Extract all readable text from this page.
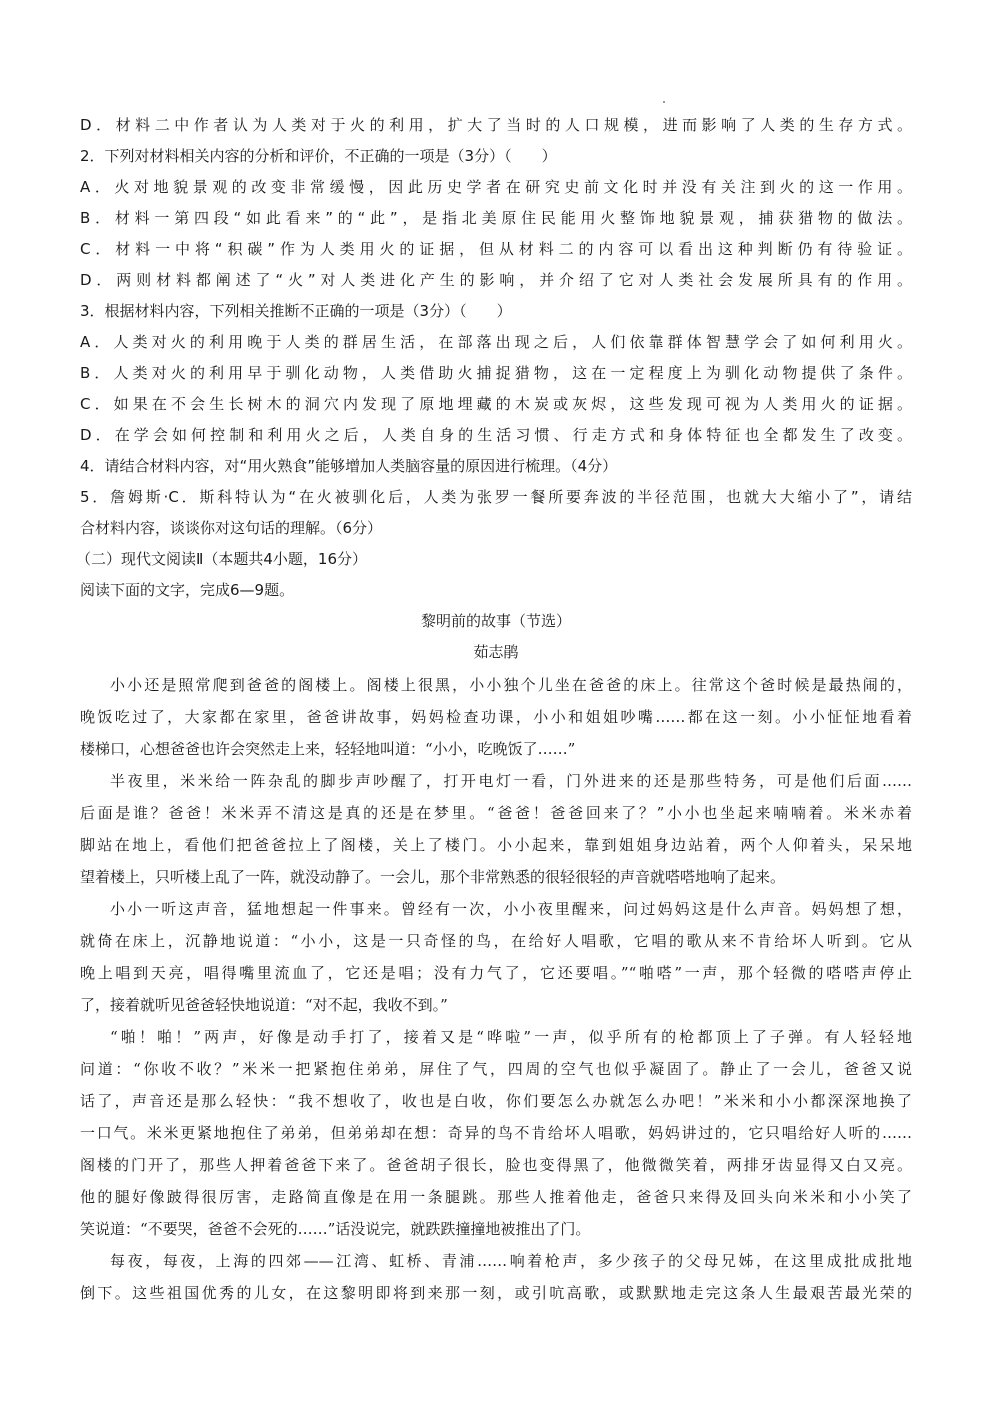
D．材料二中作者认为人类对于火的利用，扩大了当时的人口规模，进而影响了人类的生存方式。
2．下列对材料相关内容的分析和评价，不正确的一项是（3分）（　　）
A．火对地貌景观的改变非常缓慢，因此历史学者在研究史前文化时并没有关注到火的这一作用。
B．材料一第四段“如此看来”的“此”，是指北美原住民能用火整饰地貌景观，捕获猎物的做法。
C．材料一中将“积碳”作为人类用火的证据，但从材料二的内容可以看出这种判断仍有待验证。
D．两则材料都阐述了“火”对人类进化产生的影响，并介绍了它对人类社会发展所具有的作用。
3．根据材料内容，下列相关推断不正确的一项是（3分）（　　）
A．人类对火的利用晚于人类的群居生活，在部落出现之后，人们依靠群体智慧学会了如何利用火。
B．人类对火的利用早于驯化动物，人类借助火捕捉猎物，这在一定程度上为驯化动物提供了条件。
C．如果在不会生长树木的洞穴内发现了原地埋藏的木炭或灰烬，这些发现可视为人类用火的证据。
D．在学会如何控制和利用火之后，人类自身的生活习惯、行走方式和身体特征也全都发生了改变。
4．请结合材料内容，对“用火熟食”能够增加人类脑容量的原因进行梳理。（4分）
5．詹姆斯·C．斯科特认为“在火被驯化后，人类为张罗一餐所要奔波的半径范围，也就大大缩小了”，请结
合材料内容，谈谈你对这句话的理解。（6分）
（二）现代文阅读Ⅱ（本题共4小题，16分）
阅读下面的文字，完成6—9题。
黎明前的故事（节选）
茹志鹃
小小还是照常爬到爸爸的阁楼上。阁楼上很黑，小小独个儿坐在爸爸的床上。往常这个爸时候是最热闹的，
晚饭吃过了，大家都在家里，爸爸讲故事，妈妈检查功课，小小和姐姐吵嘴……都在这一刻。小小怔怔地看着
楼梯口，心想爸爸也许会突然走上来，轻轻地叫道：“小小，吃晚饭了……”
半夜里，米米给一阵杂乱的脚步声吵醒了，打开电灯一看，门外进来的还是那些特务，可是他们后面……
后面是谁？爸爸！米米弄不清这是真的还是在梦里。“爸爸！爸爸回来了？”小小也坐起来喃喃着。米米赤着
脚站在地上，看他们把爸爸拉上了阁楼，关上了楼门。小小起来，靠到姐姐身边站着，两个人仰着头，呆呆地
望着楼上，只听楼上乱了一阵，就没动静了。一会儿，那个非常熟悉的很轻很轻的声音就嗒嗒地响了起来。
小小一听这声音，猛地想起一件事来。曾经有一次，小小夜里醒来，问过妈妈这是什么声音。妈妈想了想，
就倚在床上，沉静地说道：“小小，这是一只奇怪的鸟，在给好人唱歌，它唱的歌从来不肯给坏人听到。它从
晚上唱到天亮，唱得嘴里流血了，它还是唱；没有力气了，它还要唱。”“啪嗒”一声，那个轻微的嗒嗒声停止
了，接着就听见爸爸轻快地说道：“对不起，我收不到。”
“啪！啪！”两声，好像是动手打了，接着又是“哗啦”一声，似乎所有的枪都顶上了子弹。有人轻轻地
问道：“你收不收？”米米一把紧抱住弟弟，屏住了气，四周的空气也似乎凝固了。静止了一会儿，爸爸又说
话了，声音还是那么轻快：“我不想收了，收也是白收，你们要怎么办就怎么办吧！”米米和小小都深深地换了
一口气。米米更紧地抱住了弟弟，但弟弟却在想：奇异的鸟不肯给坏人唱歌，妈妈讲过的，它只唱给好人听的……
阁楼的门开了，那些人押着爸爸下来了。爸爸胡子很长，脸也变得黑了，他微微笑着，两排牙齿显得又白又亮。
他的腿好像跛得很厉害，走路简直像是在用一条腿跳。那些人推着他走，爸爸只来得及回头向米米和小小笑了
笑说道：“不要哭，爸爸不会死的……”话没说完，就跌跌撞撞地被推出了门。
每夜，每夜，上海的四郊——江湾、虹桥、青浦……响着枪声，多少孩子的父母兄姊，在这里成批成批地
倒下。这些祖国优秀的儿女，在这黎明即将到来那一刻，或引吭高歌，或默默地走完这条人生最艰苦最光荣的
